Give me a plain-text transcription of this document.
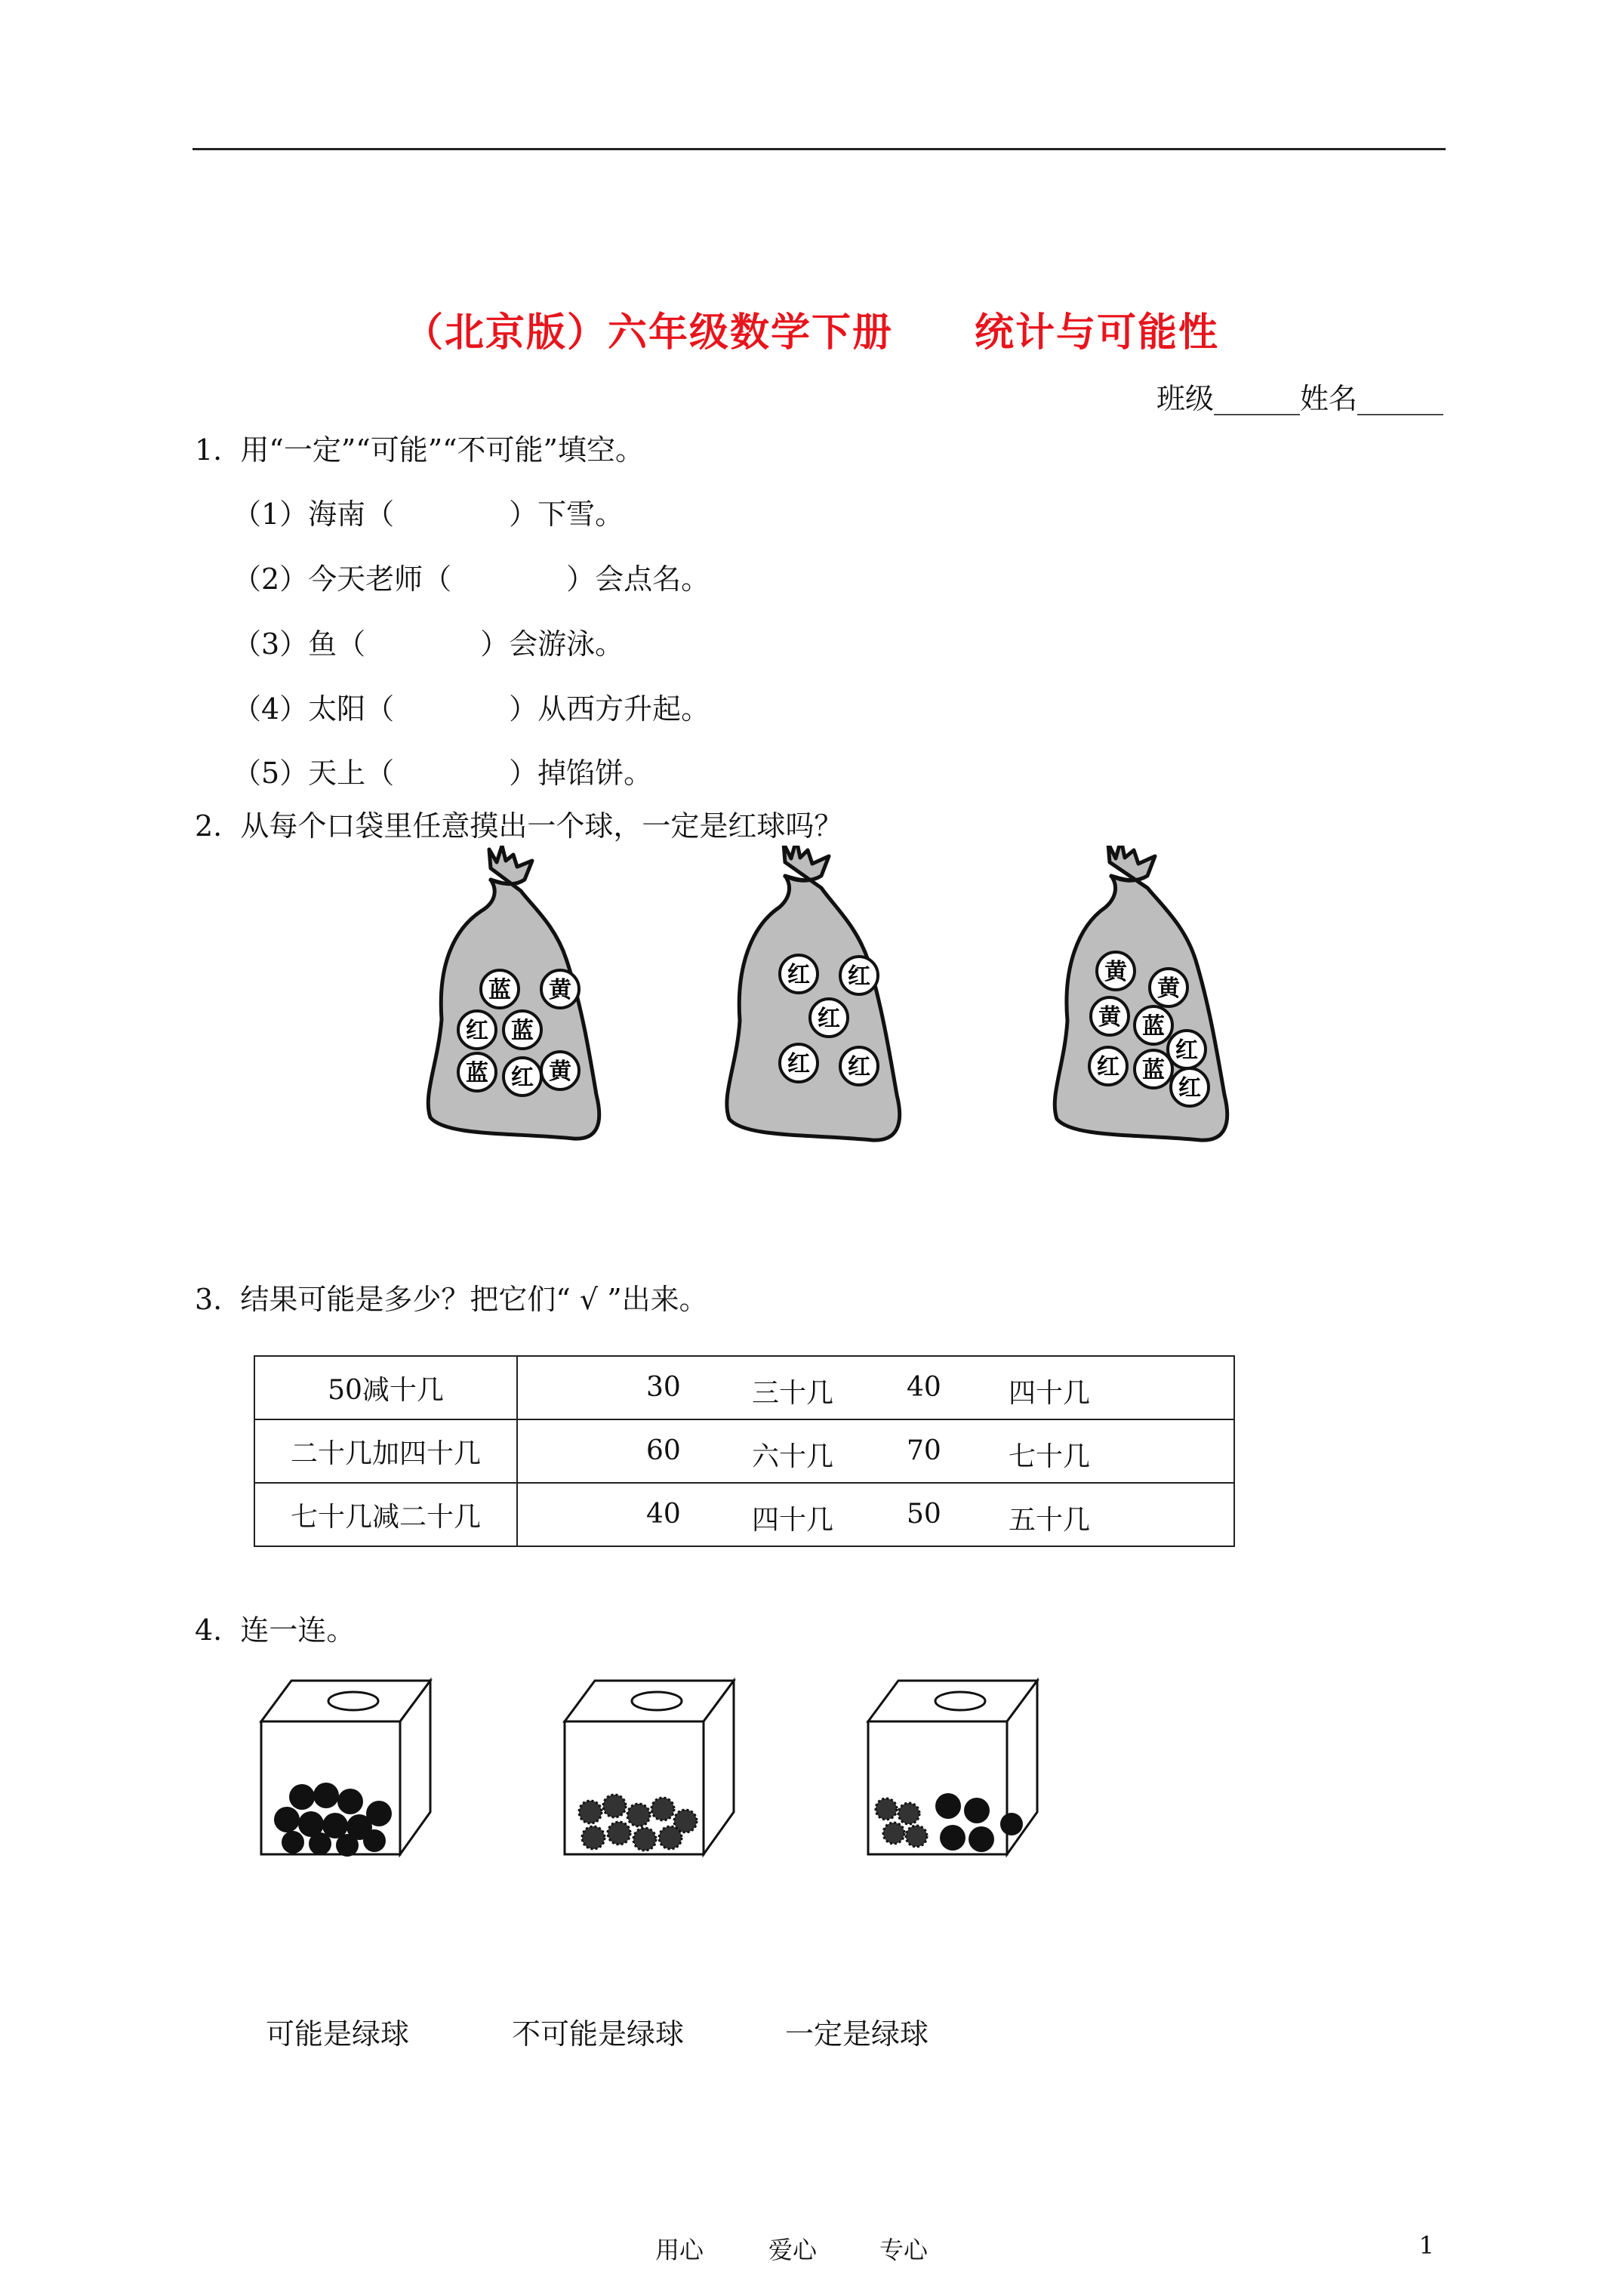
（北京版）六年级数学下册　　统计与可能性
班级______姓名______
1.  用“一定”“可能”“不可能”填空。
（1）海南（　　　　）下雪。
（2）今天老师（　　　　）会点名。
（3）鱼（　　　　）会游泳。
（4）太阳（　　　　）从西方升起。
（5）天上（　　　　）掉馅饼。
2.  从每个口袋里任意摸出一个球，一定是红球吗？
蓝 黄
红 蓝
蓝 红 黄
红 红
红
红 红
黄
黄
黄 蓝
红
红 蓝
红
3.  结果可能是多少？把它们“ √ ”出来。
50减十几	30 三十几 40 四十几

二十几加四十几	60 六十几 70 七十几

七十几减二十几	40 四十几 50 五十几
4.  连一连。
可能是绿球	不可能是绿球	一定是绿球
用心	爱心	专心	1
